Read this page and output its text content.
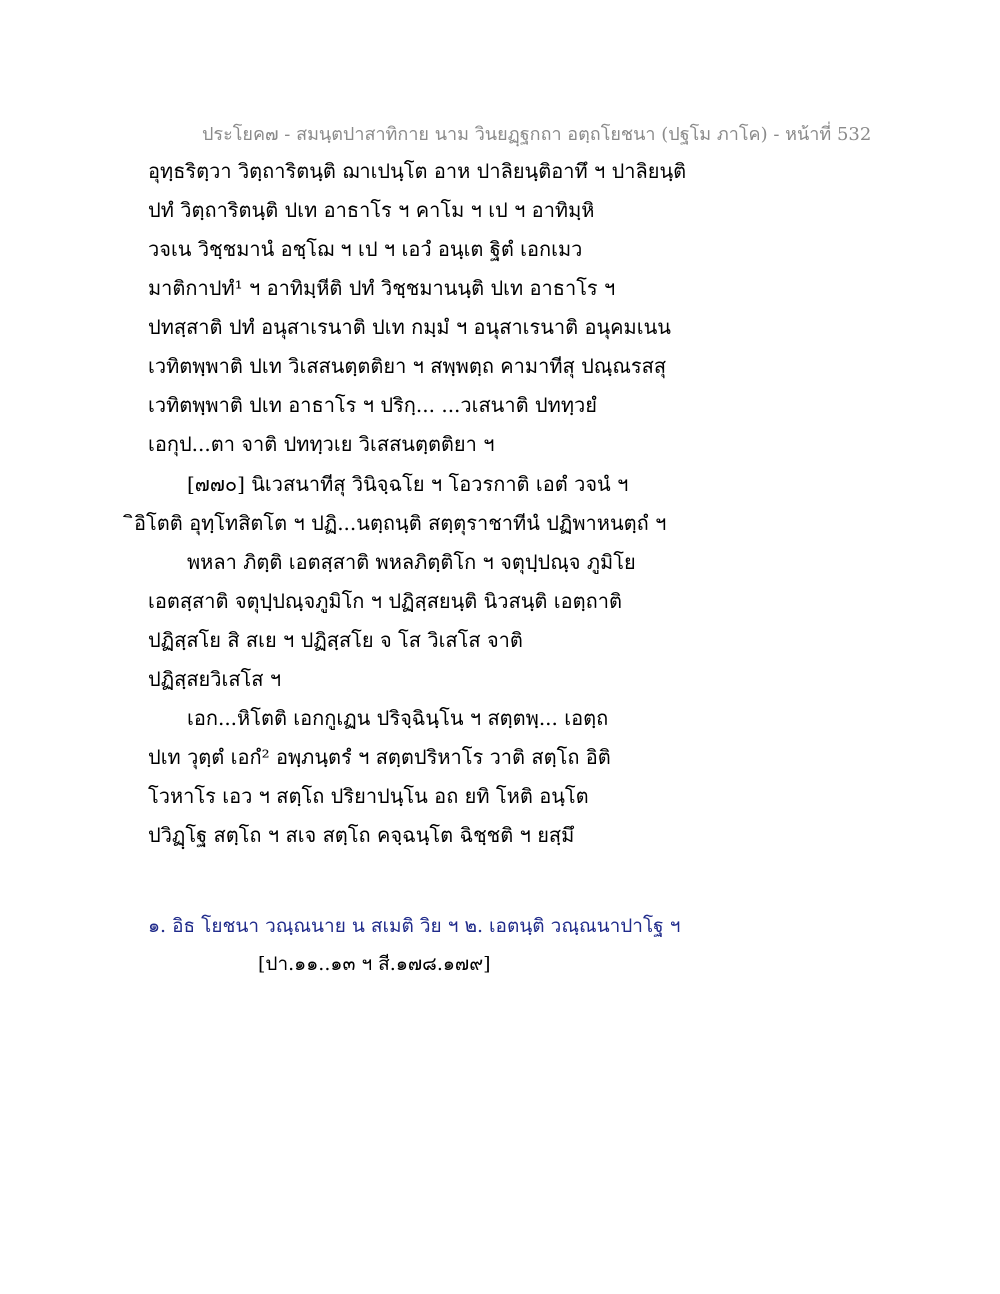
ประโยค๗ - สมนฺตปาสาทิกาย นาม วินยฏฺฐกถา อตฺถโยชนา (ปฐโม ภาโค) - หน้าที่ 532
อุทฺธริตฺวา วิตฺถาริตนฺติ ฌาเปนฺโต อาห ปาลิยนฺติอาทึ ฯ ปาลิยนฺติ
ปทํ วิตฺถาริตนฺติ ปเท อาธาโร ฯ คาโม ฯ เป ฯ อาทิมฺหิ
วจเน วิชฺชมานํ อชฺโฌ ฯ เป ฯ เอวํ อนฺเต ฐิตํ เอกเมว
มาติกาปทํ¹ ฯ อาทิมฺหีติ ปทํ วิชฺชมานนฺติ ปเท อาธาโร ฯ
ปทสฺสาติ ปทํ อนุสาเรนาติ ปเท กมฺมํ ฯ อนุสาเรนาติ อนุคมเนน
เวทิตพฺพาติ ปเท วิเสสนตฺตติยา ฯ สพฺพตฺถ คามาทีสุ ปณฺณรสสุ
เวทิตพฺพาติ ปเท อาธาโร ฯ ปริกฺ... ...วเสนาติ ปททฺวยํ
เอกุป...ตา จาติ ปททฺวเย วิเสสนตฺตติยา ฯ
[๗๗๐] นิเวสนาทีสุ วินิจฺฉโย ฯ โอวรกาติ เอตํ วจนํ ฯ
ิอิโตติ อุทฺโทสิตโต ฯ ปฏิ...นตฺถนฺติ สตฺตุราชาทีนํ ปฏิพาหนตฺถํ ฯ
พหลา ภิตฺติ เอตสฺสาติ พหลภิตฺติโก ฯ จตุปฺปณฺจ ภูมิโย
เอตสฺสาติ จตุปฺปณฺจภูมิโก ฯ ปฏิสฺสยนฺติ นิวสนฺติ เอตฺถาติ
ปฏิสฺสโย สิ สเย ฯ ปฏิสฺสโย จ โส วิเสโส จาติ
ปฏิสฺสยวิเสโส ฯ
เอก...หิโตติ เอกกูเฏน ปริจฺฉินฺโน ฯ สตฺตพฺ... เอตฺถ
ปเท วุตฺตํ เอกํ² อพฺภนฺตรํ ฯ สตฺตปริหาโร วาติ สตฺโถ อิติ
โวหาโร เอว ฯ สตฺโถ ปริยาปนฺโน อถ ยทิ โหติ อนฺโต
ปวิฏฺโฐ สตฺโถ ฯ สเจ สตฺโถ คจฺฉนฺโต ฉิชฺชติ ฯ ยสฺมึ
๑. อิธ โยชนา วณฺณนาย น สเมติ วิย ฯ ๒. เอตนฺติ วณฺณนาปาโฐ ฯ
[ปา.๑๑..๑๓ ฯ สี.๑๗๘.๑๗๙]
